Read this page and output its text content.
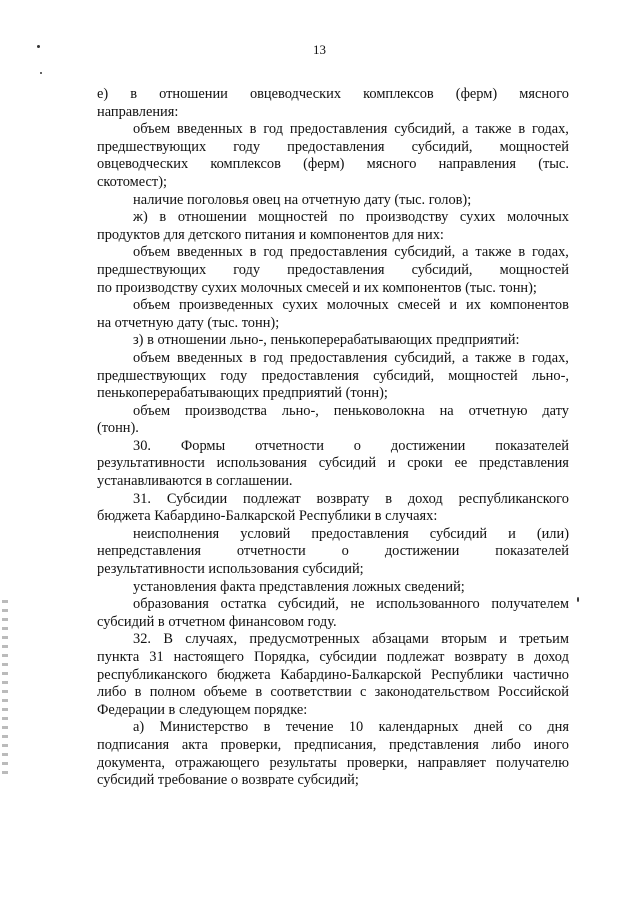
13
е) в отношении овцеводческих комплексов (ферм) мясного
направления:
объем введенных в год предоставления субсидий, а также в годах,
предшествующих году предоставления субсидий, мощностей
овцеводческих комплексов (ферм) мясного направления (тыс.
скотомест);
наличие поголовья овец на отчетную дату (тыс. голов);
ж) в отношении мощностей по производству сухих молочных
продуктов для детского питания и компонентов для них:
объем введенных в год предоставления субсидий, а также в годах,
предшествующих году предоставления субсидий, мощностей
по производству сухих молочных смесей и их компонентов (тыс. тонн);
объем произведенных сухих молочных смесей и их компонентов
на отчетную дату (тыс. тонн);
з) в отношении льно-, пенькоперерабатывающих предприятий:
объем введенных в год предоставления субсидий, а также в годах,
предшествующих году предоставления субсидий, мощностей льно-,
пенькоперерабатывающих предприятий (тонн);
объем производства льно-, пеньковолокна на отчетную дату
(тонн).
30. Формы отчетности о достижении показателей
результативности использования субсидий и сроки ее представления
устанавливаются в соглашении.
31. Субсидии подлежат возврату в доход республиканского
бюджета Кабардино-Балкарской Республики в случаях:
неисполнения условий предоставления субсидий и (или)
непредставления отчетности о достижении показателей
результативности использования субсидий;
установления факта представления ложных сведений;
образования остатка субсидий, не использованного получателем
субсидий в отчетном финансовом году.
32. В случаях, предусмотренных абзацами вторым и третьим
пункта 31 настоящего Порядка, субсидии подлежат возврату в доход
республиканского бюджета Кабардино-Балкарской Республики частично
либо в полном объеме в соответствии с законодательством Российской
Федерации в следующем порядке:
а) Министерство в течение 10 календарных дней со дня
подписания акта проверки, предписания, представления либо иного
документа, отражающего результаты проверки, направляет получателю
субсидий требование о возврате субсидий;
